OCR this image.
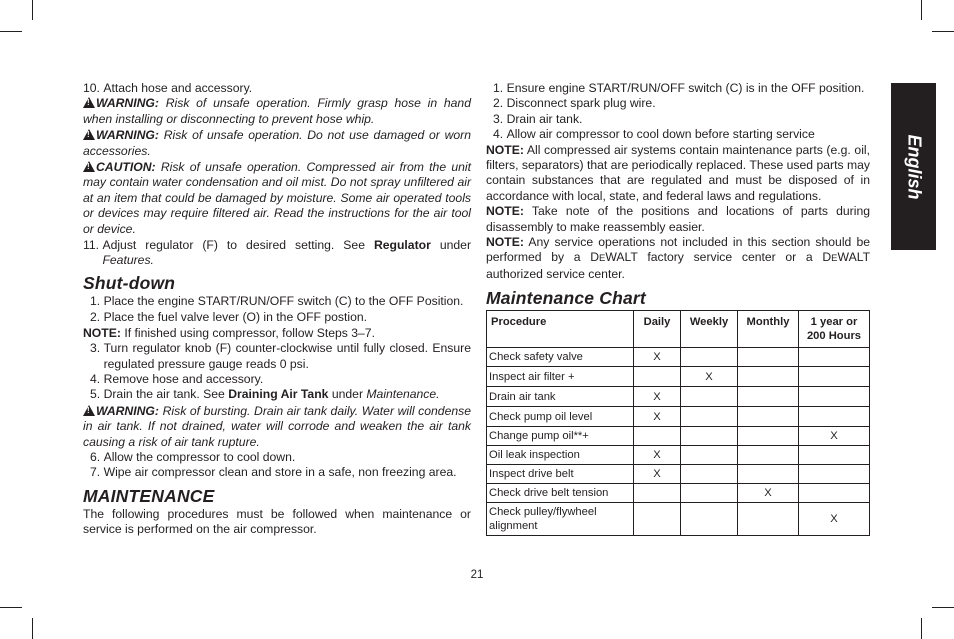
10.
Attach hose and accessory.

!WARNING: Risk of unsafe operation. Firmly grasp hose in hand when installing or disconnecting to prevent hose whip.

!WARNING: Risk of unsafe operation. Do not use damaged or worn accessories.

!CAUTION: Risk of unsafe operation. Compressed air from the unit may contain water condensation and oil mist. Do not spray unfiltered air at an item that could be damaged by moisture. Some air operated tools or devices may require filtered air. Read the instructions for the air tool or device.

11.
Adjust regulator (F) to desired setting. See Regulator under Features.
Shut-down
1.
Place the engine START/RUN/OFF switch (C) to the OFF Position.
2.
Place the fuel valve lever (O) in the OFF postion.

NOTE: If finished using compressor, follow Steps 3–7.

3.
Turn regulator knob (F) counter-clockwise until fully closed. Ensure regulated pressure gauge reads 0 psi.
4.
Remove hose and accessory.
5.
Drain the air tank. See Draining Air Tank under Maintenance.

!WARNING: Risk of bursting. Drain air tank daily. Water will condense in air tank. If not drained, water will corrode and weaken the air tank causing a risk of air tank rupture.

6.
Allow the compressor to cool down.
7.
Wipe air compressor clean and store in a safe, non freezing area.
MAINTENANCE

The following procedures must be followed when maintenance or service is performed on the air compressor.

1.
Ensure engine START/RUN/OFF switch (C) is in the OFF position.
2.
Disconnect spark plug wire.
3.
Drain air tank.
4.
Allow air compressor to cool down before starting service

NOTE: All compressed air systems contain maintenance parts (e.g. oil, filters, separators) that are periodically replaced. These used parts may contain substances that are regulated and must be disposed of in accordance with local, state, and federal laws and regulations.

NOTE: Take note of the positions and locations of parts during disassembly to make reassembly easier.

NOTE: Any service operations not included in this section should be performed by a DEWALT factory service center or a DEWALT authorized service center.

Maintenance Chart
Procedure	Daily	Weekly	Monthly	1 year or 200 Hours
Check safety valve	X			
Inspect air filter +		X		
Drain air tank	X			
Check pump oil level	X			
Change pump oil**+				X
Oil leak inspection	X			
Inspect drive belt	X			
Check drive belt tension			X	
Check pulley/flywheel alignment				X
English
21
